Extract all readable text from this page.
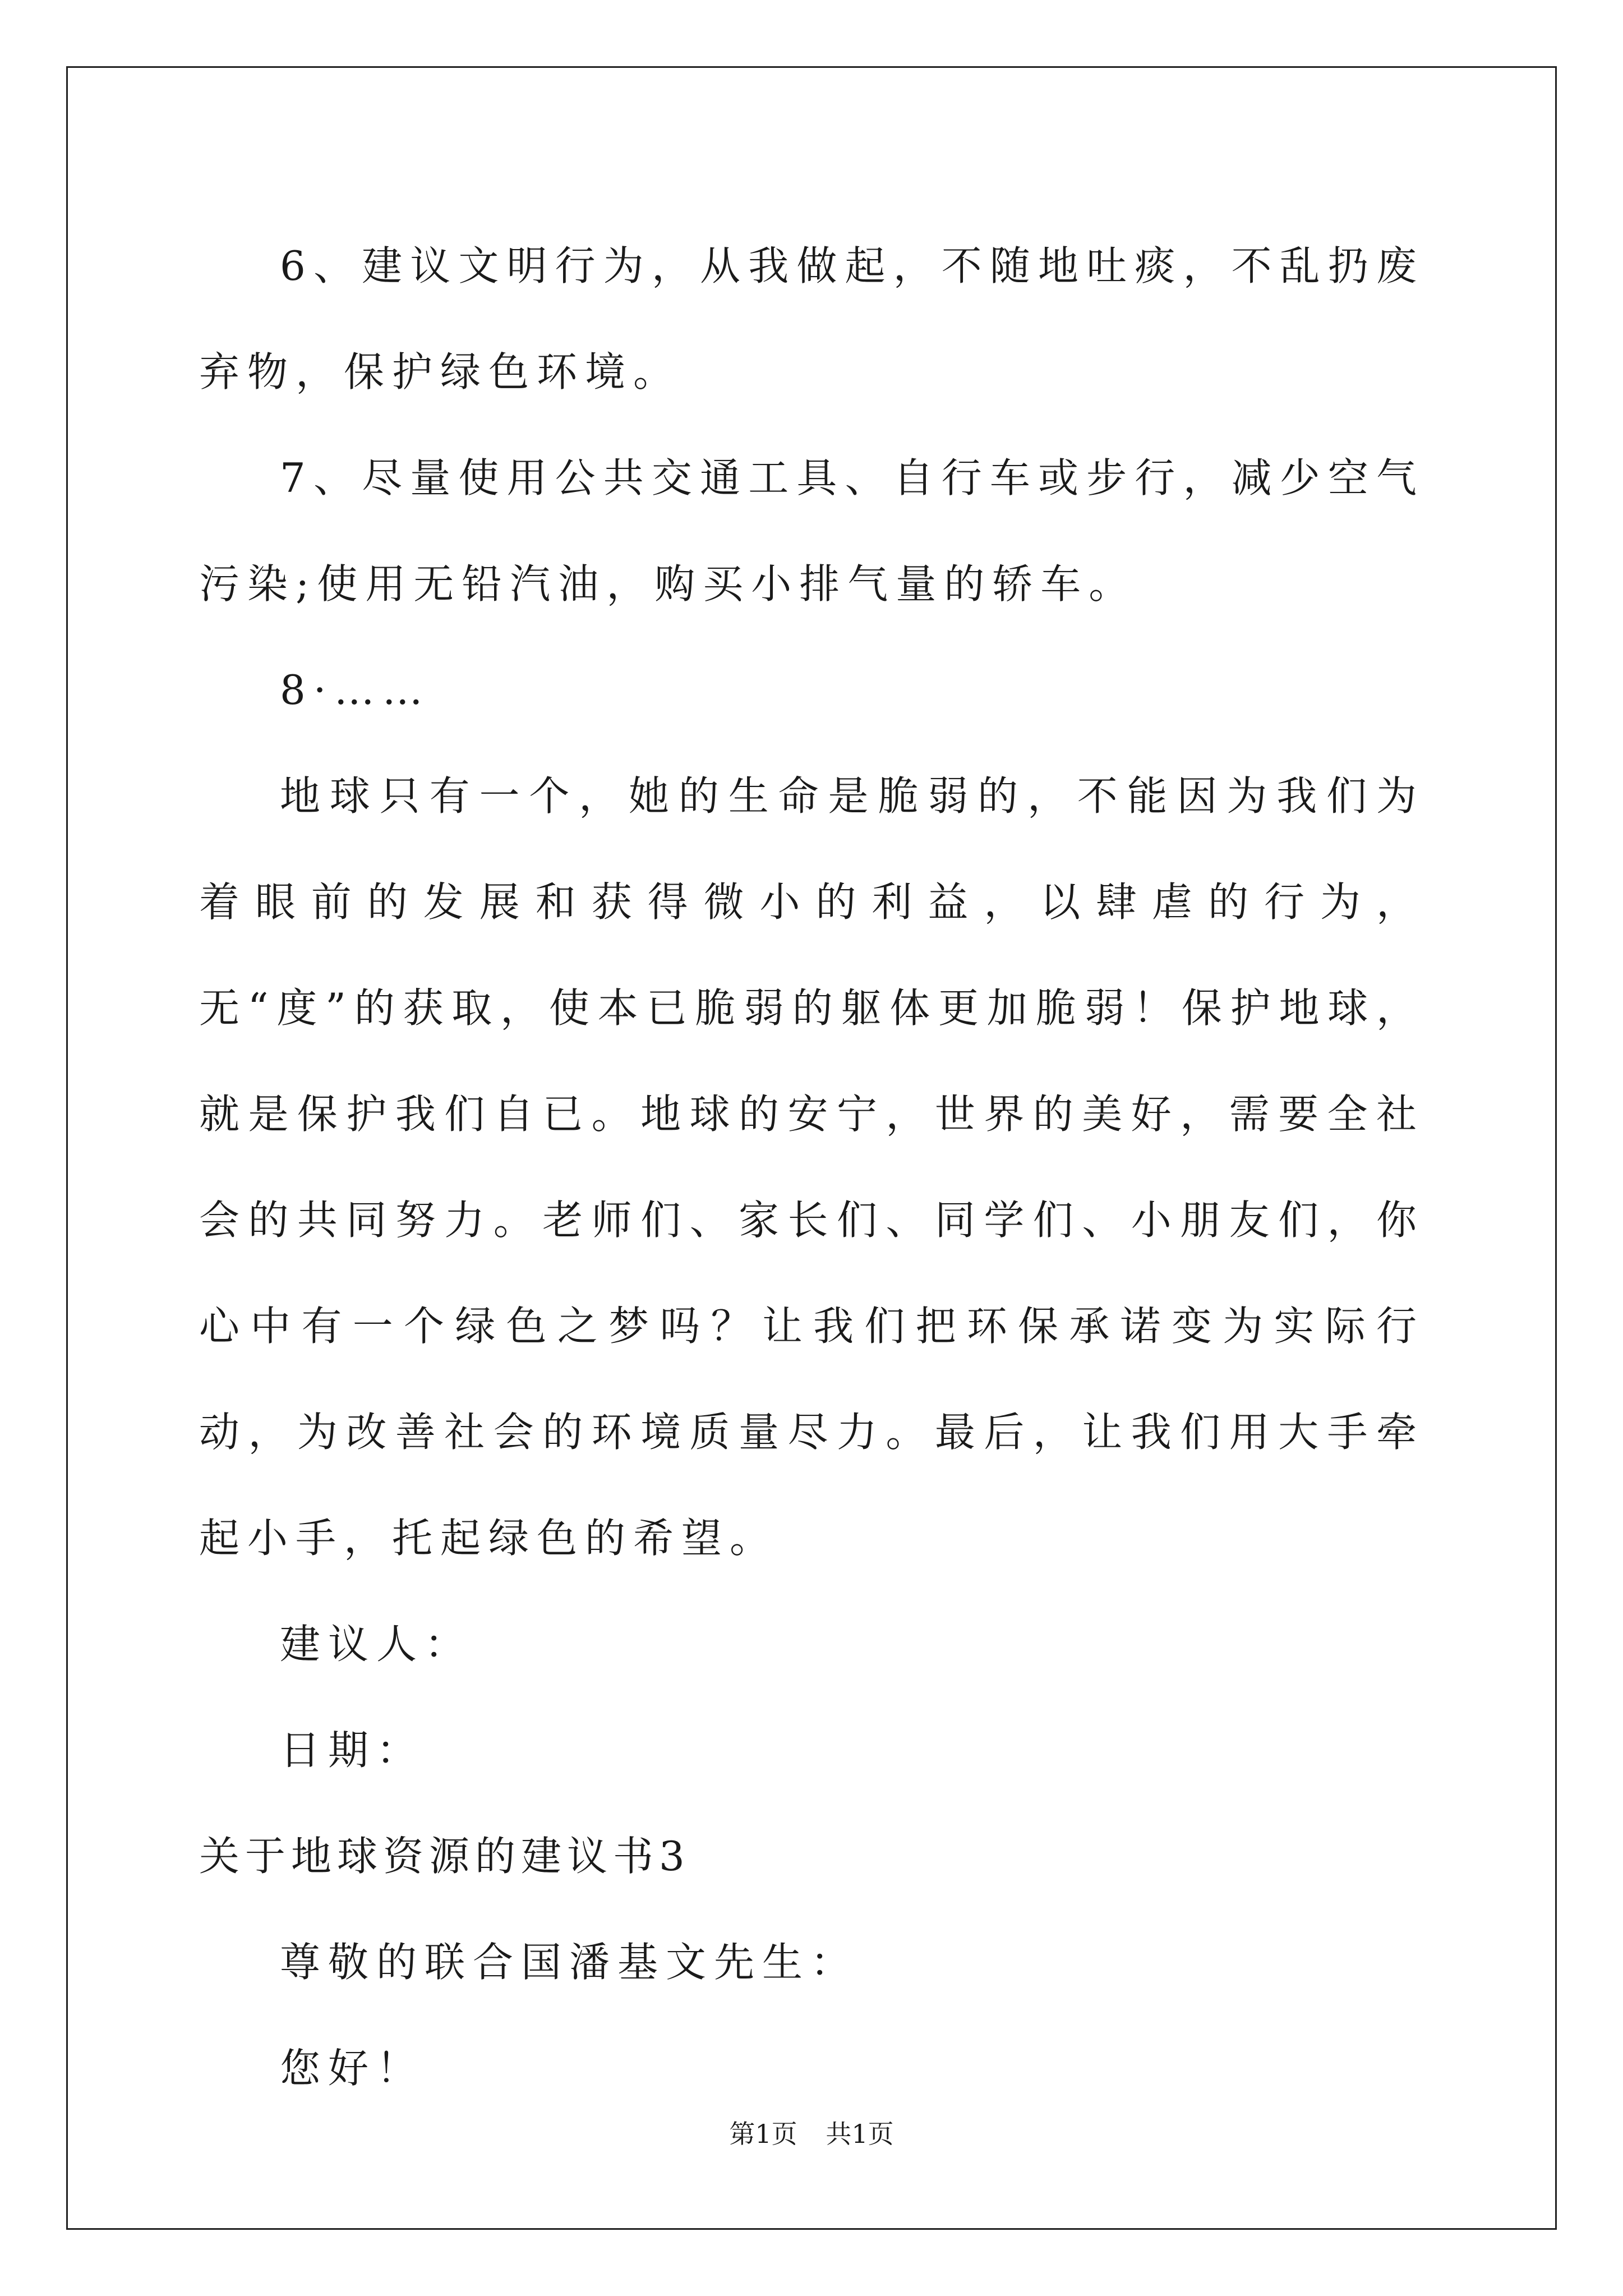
6、建议文明行为，从我做起，不随地吐痰，不乱扔废弃物，保护绿色环境。

7、尽量使用公共交通工具、自行车或步行，减少空气污染;使用无铅汽油，购买小排气量的轿车。

8·……

地球只有一个，她的生命是脆弱的，不能因为我们为着眼前的发展和获得微小的利益，以肆虐的行为，无“度”的获取，使本已脆弱的躯体更加脆弱！保护地球，就是保护我们自已。地球的安宁，世界的美好，需要全社会的共同努力。老师们、家长们、同学们、小朋友们，你心中有一个绿色之梦吗？让我们把环保承诺变为实际行动，为改善社会的环境质量尽力。最后，让我们用大手牵起小手，托起绿色的希望。

建议人：

日期：

关于地球资源的建议书3

尊敬的联合国潘基文先生：

您好！

第1页 共1页
